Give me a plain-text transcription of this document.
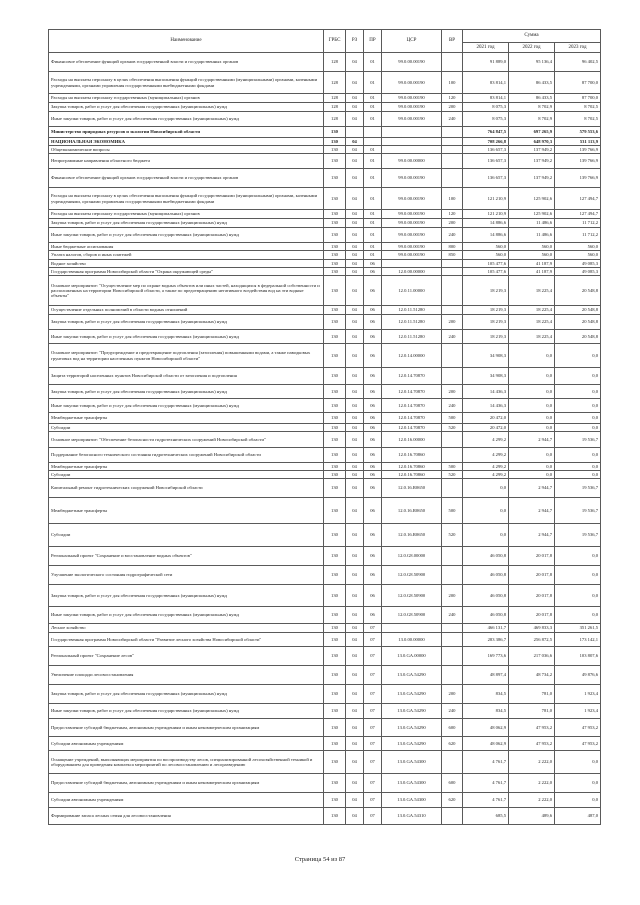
Наименование	ГРБС	РЗ	ПР	ЦСР	ВР	Сумма		
						2021 год	2022 год	2023 год
Финансовое обеспечение функций органов государственной власти и государственных органов	128	04	01	99.0.00.00190		91 889,0	95 136,4	96 402,5
Расходы на выплаты персоналу в целях обеспечения выполнения функций государственными (муниципальными) органами, казенными учреждениями, органами управления государственными внебюджетными фондами	128	04	01	99.0.00.00190	100	83 814,1	86 433,5	87 700,0
Расходы на выплаты персоналу государственных (муниципальных) органов	128	04	01	99.0.00.00190	120	83 814,1	86 433,5	87 700,0
Закупка товаров, работ и услуг для обеспечения государственных (муниципальных) нужд	128	04	01	99.0.00.00190	200	8 075,3	8 702,9	8 702,5
Иные закупки товаров, работ и услуг для обеспечения государственных (муниципальных) нужд	128	04	01	99.0.00.00190	240	8 075,3	8 702,9	8 702,5
Министерство природных ресурсов и экологии Новосибирской области	130					764 847,5	697 265,9	579 553,6
НАЦИОНАЛЬНАЯ ЭКОНОМИКА	130	04				708 266,8	648 970,3	531 113,9
Общеэкономические вопросы	130	04	01			136 657,3	137 949,2	139 766,9
Непрограммные направления областного бюджета	130	04	01	99.0.00.00000		136 657,3	137 949,2	139 766,9
Финансовое обеспечение функций органов государственной власти и государственных органов	130	04	01	99.0.00.00190		136 657,3	137 949,2	139 766,9
Расходы на выплаты персоналу в целях обеспечения выполнения функций государственными (муниципальными) органами, казенными учреждениями, органами управления государственными внебюджетными фондами	130	04	01	99.0.00.00190	100	121 210,9	125 902,6	127 494,7
Расходы на выплаты персоналу государственных (муниципальных) органов	130	04	01	99.0.00.00190	120	121 210,9	125 902,6	127 494,7
Закупка товаров, работ и услуг для обеспечения государственных (муниципальных) нужд	130	04	01	99.0.00.00190	200	14 886,6	11 486,6	11 712,2
Иные закупки товаров, работ и услуг для обеспечения государственных (муниципальных) нужд	130	04	01	99.0.00.00190	240	14 886,6	11 486,6	11 712,2
Иные бюджетные ассигнования	130	04	01	99.0.00.00190	800	560,0	560,0	560,0
Уплата налогов, сборов и иных платежей	130	04	01	99.0.00.00190	850	560,0	560,0	560,0
Водное хозяйство	130	04	06			105 477,6	41 187,9	49 085,3
Государственная программа Новосибирской области "Охрана окружающей среды"	130	04	06	12.0.00.00000		105 477,6	41 187,9	49 085,3
Основное мероприятие: "Осуществление мер по охране водных объектов или иных частей, находящихся в федеральной собственности и расположенных на территории Новосибирской области, а также по предотвращению негативного воздействия вод на эти водные объекты"	130	04	06	12.0.11.00000		18 219,3	18 225,4	20 548,8
Осуществление отдельных полномочий в области водных отношений	130	04	06	12.0.11.51280		18 219,3	18 225,4	20 548,8
Закупка товаров, работ и услуг для обеспечения государственных (муниципальных) нужд	130	04	06	12.0.11.51280	200	18 219,3	18 225,4	20 548,8
Иные закупки товаров, работ и услуг для обеспечения государственных (муниципальных) нужд	130	04	06	12.0.11.51280	240	18 219,3	18 225,4	20 548,8
Основное мероприятие: "Предупреждение и предотвращение подтопления (затопления) повышенными водами, а также паводковых грунтовых вод на территории населенных пунктов Новосибирской области"	130	04	06	12.0.14.00000		34 908,3	0,0	0,0
Защита территорий населенных пунктов Новосибирской области от затопления и подтопления	130	04	06	12.0.14.70870		34 908,3	0,0	0,0
Закупка товаров, работ и услуг для обеспечения государственных (муниципальных) нужд	130	04	06	12.0.14.70870	200	14 436,3	0,0	0,0
Иные закупки товаров, работ и услуг для обеспечения государственных (муниципальных) нужд	130	04	06	12.0.14.70870	240	14 436,3	0,0	0,0
Межбюджетные трансферты	130	04	06	12.0.14.70870	500	20 472,0	0,0	0,0
Субсидии	130	04	06	12.0.14.70870	520	20 472,0	0,0	0,0
Основное мероприятие: "Обеспечение безопасности гидротехнических сооружений Новосибирской области"	130	04	06	12.0.16.00000		4 299,2	2 944,7	19 536,7
Поддержание безопасного технического состояния гидротехнических сооружений Новосибирской области	130	04	06	12.0.16.70860		4 299,2	0,0	0,0
Межбюджетные трансферты	130	04	06	12.0.16.70860	500	4 299,2	0,0	0,0
Субсидии	130	04	06	12.0.16.70860	520	4 299,2	0,0	0,0
Капитальный ремонт гидротехнических сооружений Новосибирской области	130	04	06	12.0.16.R0650		0,0	2 944,7	19 536,7
Межбюджетные трансферты	130	04	06	12.0.16.R0650	500	0,0	2 944,7	19 536,7
Субсидии	130	04	06	12.0.16.R0650	520	0,0	2 944,7	19 536,7
Региональный проект "Сохранение и восстановление водных объектов"	130	04	06	12.0.G8.00000		46 050,8	20 017,8	0,0
Улучшение экологического состояния гидрографической сети	130	04	06	12.0.G8.50900		46 050,8	20 017,8	0,0
Закупка товаров, работ и услуг для обеспечения государственных (муниципальных) нужд	130	04	06	12.0.G8.50900	200	46 050,8	20 017,8	0,0
Иные закупки товаров, работ и услуг для обеспечения государственных (муниципальных) нужд	130	04	06	12.0.G8.50900	240	46 050,8	20 017,8	0,0
Лесное хозяйство	130	04	07			466 131,7	469 833,3	351 261,5
Государственная программа Новосибирской области "Развитие лесного хозяйства Новосибирской области"	130	04	07	13.0.00.00000		283 386,7	256 872,5	173 142,1
Региональный проект "Сохранение лесов"	130	04	07	13.0.GA.00000		169 773,6	217 036,6	103 807,6
Увеличение площади лесовосстановления	130	04	07	13.0.GA.54290		48 897,4	48 734,2	49 876,6
Закупка товаров, работ и услуг для обеспечения государственных (муниципальных) нужд	130	04	07	13.0.GA.54290	200	834,5	781,0	1 923,4
Иные закупки товаров, работ и услуг для обеспечения государственных (муниципальных) нужд	130	04	07	13.0.GA.54290	240	834,5	781,0	1 923,4
Предоставление субсидий бюджетным, автономным учреждениям и иным некоммерческим организациям	130	04	07	13.0.GA.54290	600	48 062,9	47 953,2	47 953,2
Субсидии автономным учреждениям	130	04	07	13.0.GA.54290	620	48 062,9	47 953,2	47 953,2
Оснащение учреждений, выполняющих мероприятия по воспроизводству лесов, специализированной лесохозяйственной техникой и оборудованием для проведения комплекса мероприятий по лесовосстановлению и лесоразведению	130	04	07	13.0.GA.54300		4 761,7	2 222,0	0,0
Предоставление субсидий бюджетным, автономным учреждениям и иным некоммерческим организациям	130	04	07	13.0.GA.54300	600	4 761,7	2 222,0	0,0
Субсидии автономным учреждениям	130	04	07	13.0.GA.54300	620	4 761,7	2 222,0	0,0
Формирование запаса лесных семян для лесовосстановления	130	04	07	13.0.GA.54310		685,5	489,6	487,0
Страница 54 из 87
